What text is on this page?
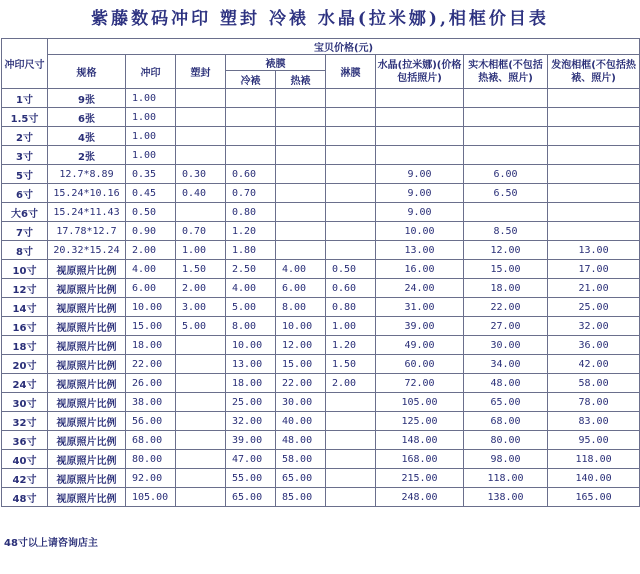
紫藤数码冲印 塑封 冷裱 水晶(拉米娜),相框价目表
冲印尺寸	宝贝价格(元)								
	规格	冲印	塑封	裱膜		淋膜	水晶(拉米娜)(价格包括照片)	实木相框(不包括热裱、照片)	发泡相框(不包括热裱、照片)
				冷裱	热裱				

1寸	9张	1.00							
1.5寸	6张	1.00							
2寸	4张	1.00							
3寸	2张	1.00							
5寸	12.7*8.89	0.35	0.30	0.60			9.00	6.00	
6寸	15.24*10.16	0.45	0.40	0.70			9.00	6.50	
大6寸	15.24*11.43	0.50		0.80			9.00		
7寸	17.78*12.7	0.90	0.70	1.20			10.00	8.50	
8寸	20.32*15.24	2.00	1.00	1.80			13.00	12.00	13.00
10寸	视原照片比例	4.00	1.50	2.50	4.00	0.50	16.00	15.00	17.00
12寸	视原照片比例	6.00	2.00	4.00	6.00	0.60	24.00	18.00	21.00
14寸	视原照片比例	10.00	3.00	5.00	8.00	0.80	31.00	22.00	25.00
16寸	视原照片比例	15.00	5.00	8.00	10.00	1.00	39.00	27.00	32.00
18寸	视原照片比例	18.00		10.00	12.00	1.20	49.00	30.00	36.00
20寸	视原照片比例	22.00		13.00	15.00	1.50	60.00	34.00	42.00
24寸	视原照片比例	26.00		18.00	22.00	2.00	72.00	48.00	58.00
30寸	视原照片比例	38.00		25.00	30.00		105.00	65.00	78.00
32寸	视原照片比例	56.00		32.00	40.00		125.00	68.00	83.00
36寸	视原照片比例	68.00		39.00	48.00		148.00	80.00	95.00
40寸	视原照片比例	80.00		47.00	58.00		168.00	98.00	118.00
42寸	视原照片比例	92.00		55.00	65.00		215.00	118.00	140.00
48寸	视原照片比例	105.00		65.00	85.00		248.00	138.00	165.00
48寸以上请咨询店主
